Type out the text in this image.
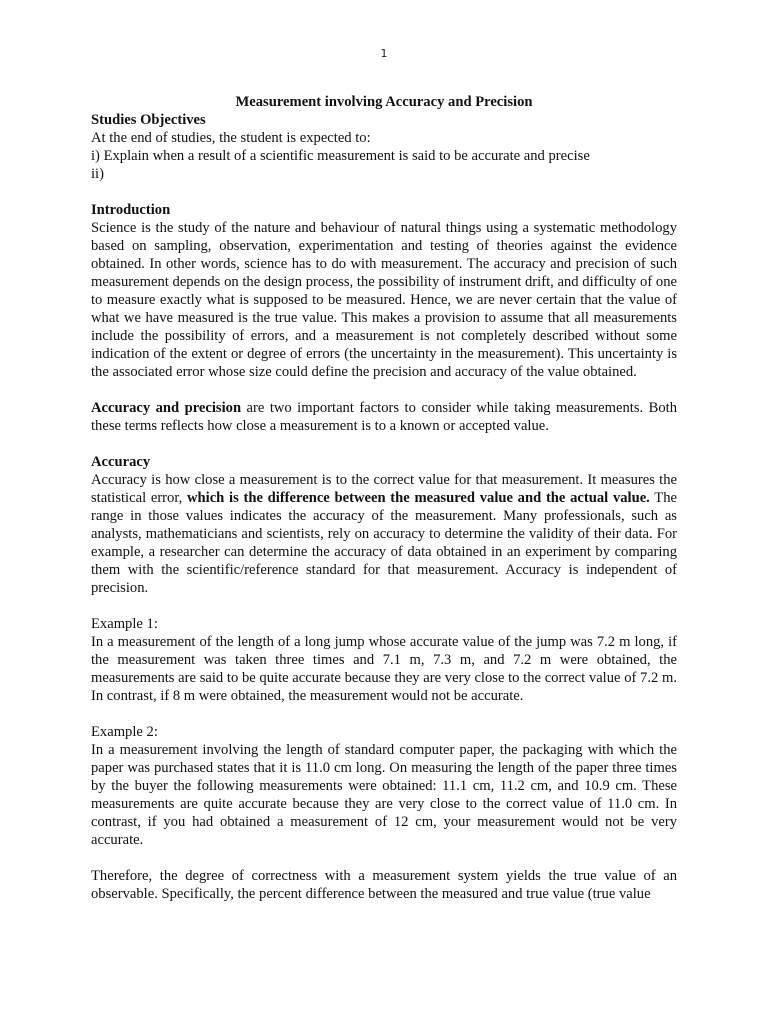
1

Measurement involving Accuracy and Precision

Studies Objectives

At the end of studies, the student is expected to:

i) Explain when a result of a scientific measurement is said to be accurate and precise

ii)

Introduction

Science is the study of the nature and behaviour of natural things using a systematic methodology based on sampling, observation, experimentation and testing of theories against the evidence obtained. In other words, science has to do with measurement. The accuracy and precision of such measurement depends on the design process, the possibility of instrument drift, and difficulty of one to measure exactly what is supposed to be measured. Hence, we are never certain that the value of what we have measured is the true value. This makes a provision to assume that all measurements include the possibility of errors, and a measurement is not completely described without some indication of the extent or degree of errors (the uncertainty in the measurement). This uncertainty is the associated error whose size could define the precision and accuracy of the value obtained.

Accuracy and precision are two important factors to consider while taking measurements. Both these terms reflects how close a measurement is to a known or accepted value.

Accuracy

Accuracy is how close a measurement is to the correct value for that measurement. It measures the statistical error, which is the difference between the measured value and the actual value. The range in those values indicates the accuracy of the measurement. Many professionals, such as analysts, mathematicians and scientists, rely on accuracy to determine the validity of their data. For example, a researcher can determine the accuracy of data obtained in an experiment by comparing them with the scientific/reference standard for that measurement. Accuracy is independent of precision.

Example 1:

In a measurement of the length of a long jump whose accurate value of the jump was 7.2 m long, if the measurement was taken three times and 7.1 m, 7.3 m, and 7.2 m were obtained, the measurements are said to be quite accurate because they are very close to the correct value of 7.2 m. In contrast, if 8 m were obtained, the measurement would not be accurate.

Example 2:

In a measurement involving the length of standard computer paper, the packaging with which the paper was purchased states that it is 11.0 cm long. On measuring the length of the paper three times by the buyer the following measurements were obtained: 11.1 cm, 11.2 cm, and 10.9 cm. These measurements are quite accurate because they are very close to the correct value of 11.0 cm. In contrast, if you had obtained a measurement of 12 cm, your measurement would not be very accurate.

Therefore, the degree of correctness with a measurement system yields the true value of an observable. Specifically, the percent difference between the measured and true value (true value
